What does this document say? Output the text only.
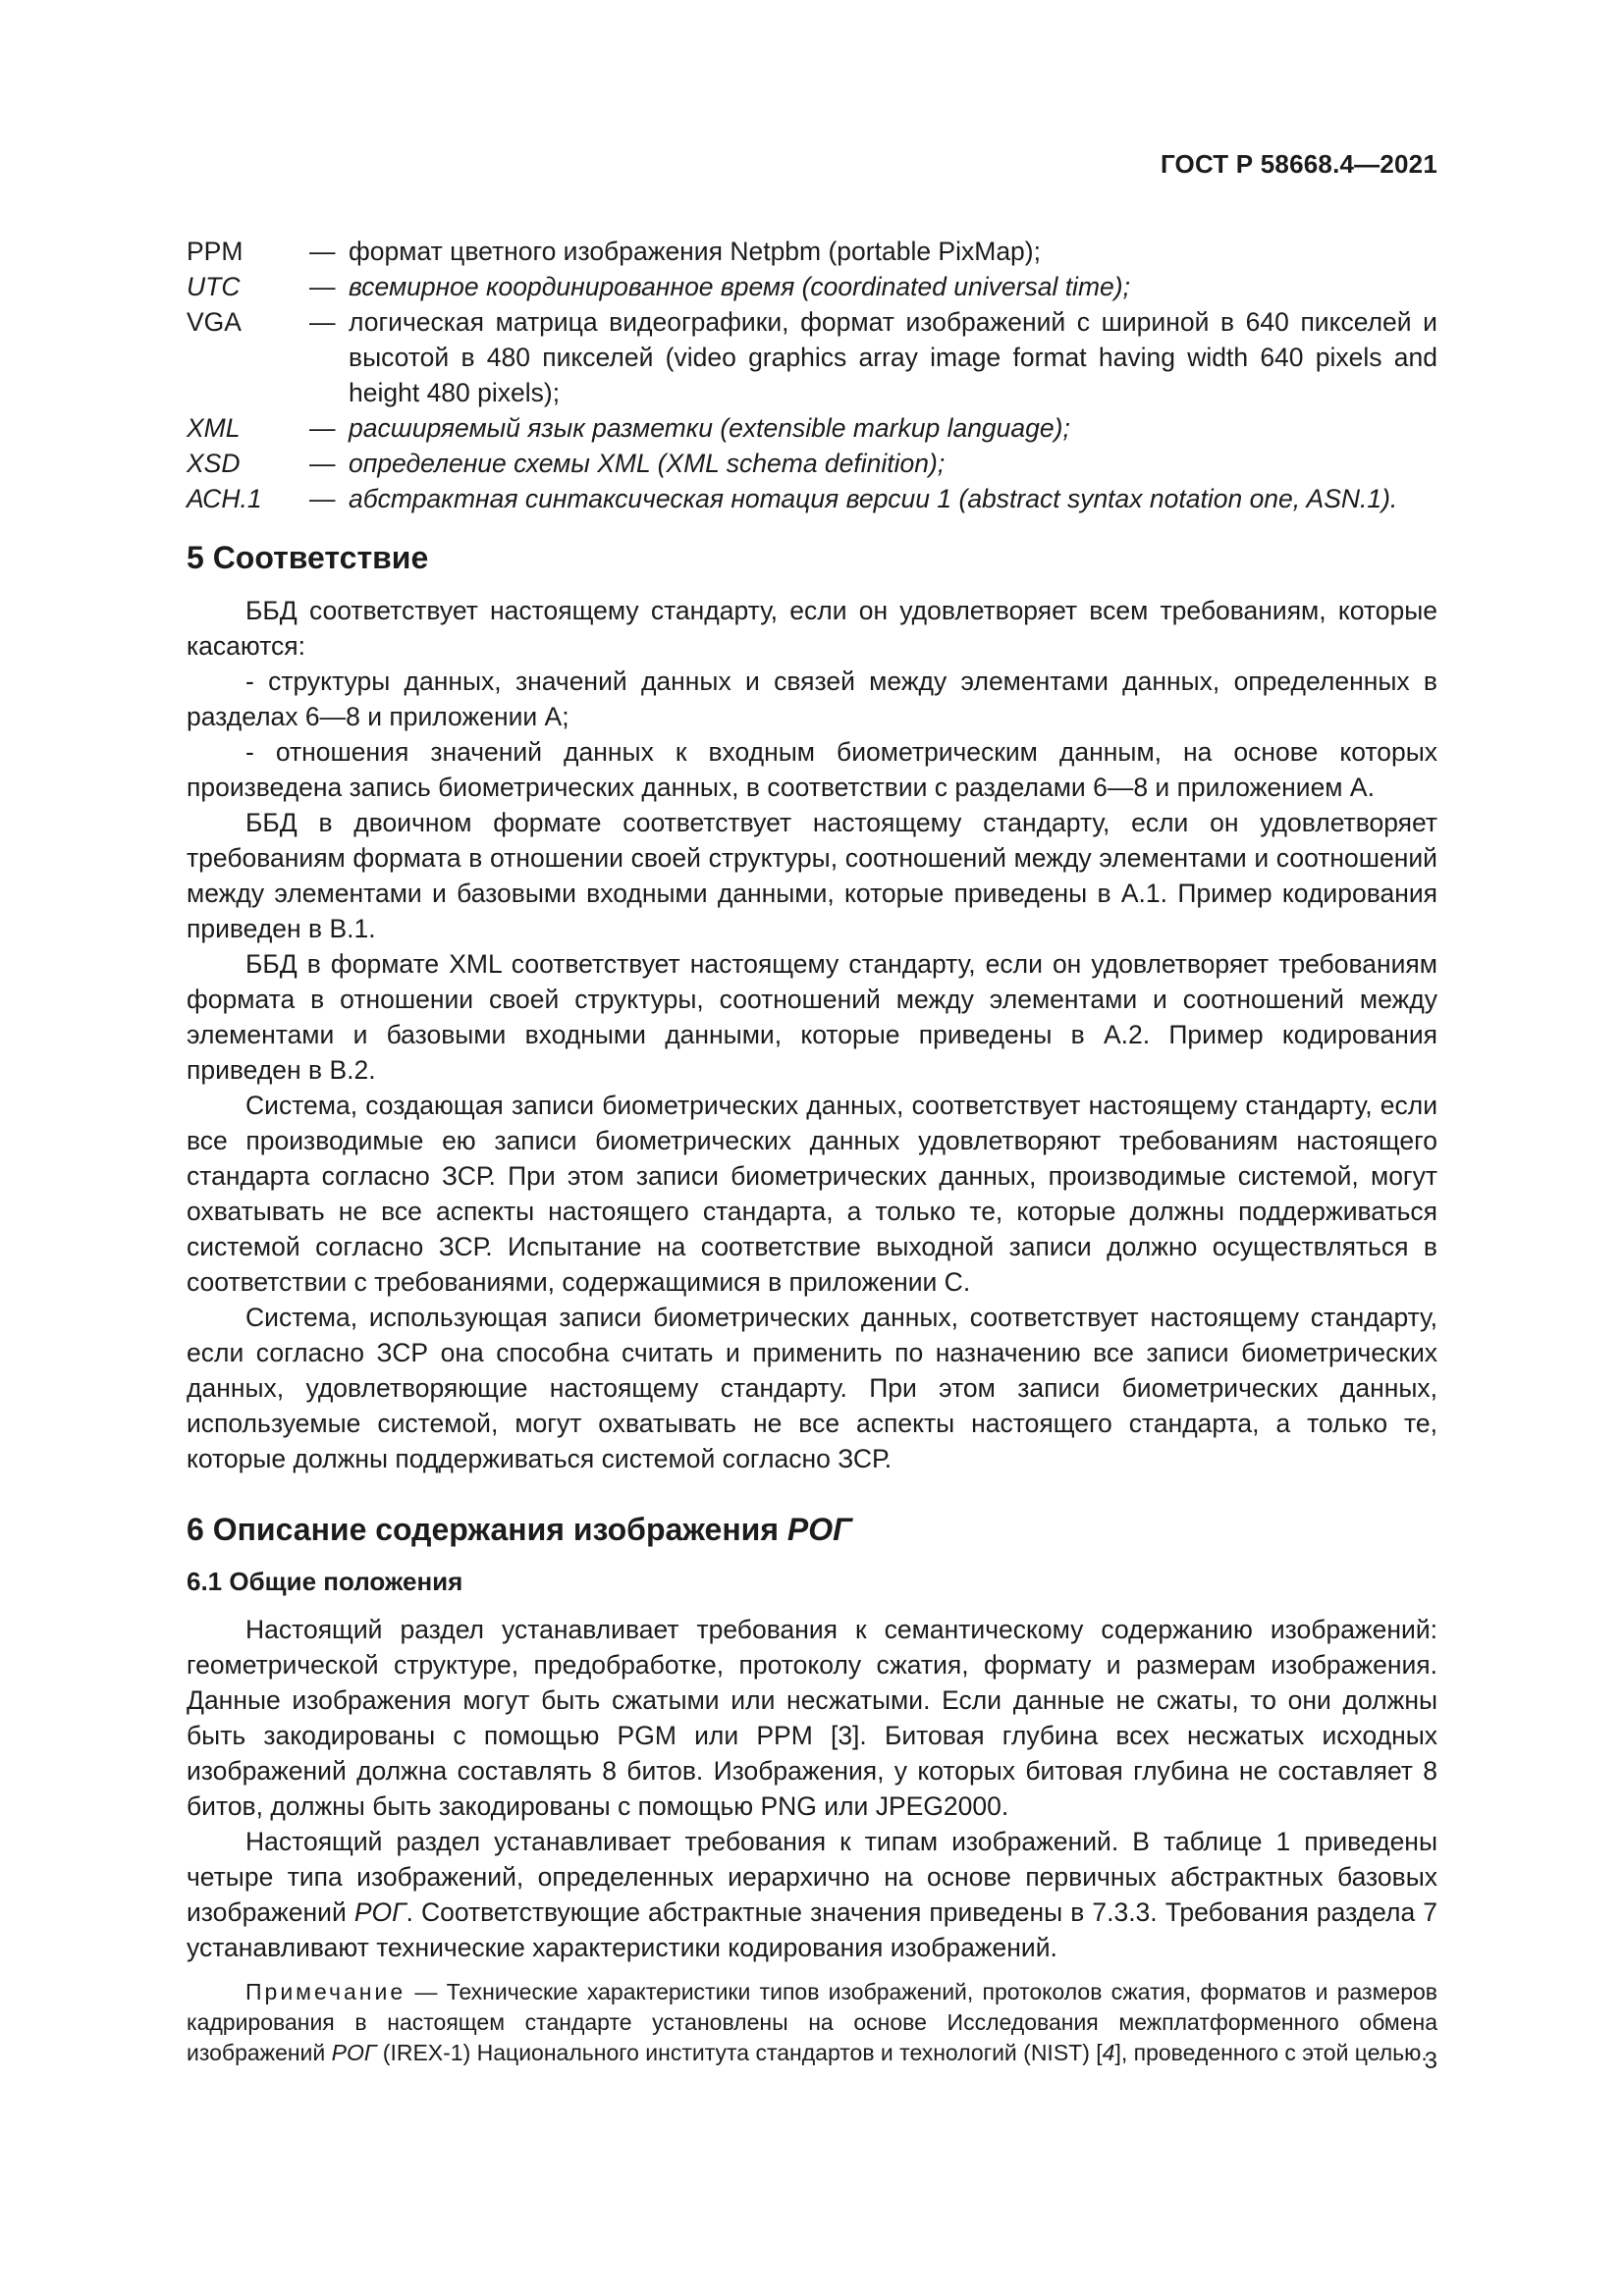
ГОСТ Р 58668.4—2021
PPM	— формат цветного изображения Netpbm (portable PixMap);
UTC	— всемирное координированное время (coordinated universal time);
VGA	— логическая матрица видеографики, формат изображений с шириной в 640 пикселей и высотой в 480 пикселей (video graphics array image format having width 640 pixels and height 480 pixels);
XML	— расширяемый язык разметки (extensible markup language);
XSD	— определение схемы XML (XML schema definition);
АСН.1	— абстрактная синтаксическая нотация версии 1 (abstract syntax notation one, ASN.1).
5 Соответствие

ББД соответствует настоящему стандарту, если он удовлетворяет всем требованиям, которые касаются:

- структуры данных, значений данных и связей между элементами данных, определенных в разделах 6—8 и приложении А;

- отношения значений данных к входным биометрическим данным, на основе которых произведена запись биометрических данных, в соответствии с разделами 6—8 и приложением А.

ББД в двоичном формате соответствует настоящему стандарту, если он удовлетворяет требованиям формата в отношении своей структуры, соотношений между элементами и соотношений между элементами и базовыми входными данными, которые приведены в А.1. Пример кодирования приведен в В.1.

ББД в формате XML соответствует настоящему стандарту, если он удовлетворяет требованиям формата в отношении своей структуры, соотношений между элементами и соотношений между элементами и базовыми входными данными, которые приведены в А.2. Пример кодирования приведен в В.2.

Система, создающая записи биометрических данных, соответствует настоящему стандарту, если все производимые ею записи биометрических данных удовлетворяют требованиям настоящего стандарта согласно ЗСР. При этом записи биометрических данных, производимые системой, могут охватывать не все аспекты настоящего стандарта, а только те, которые должны поддерживаться системой согласно ЗСР. Испытание на соответствие выходной записи должно осуществляться в соответствии с требованиями, содержащимися в приложении С.

Система, использующая записи биометрических данных, соответствует настоящему стандарту, если согласно ЗСР она способна считать и применить по назначению все записи биометрических данных, удовлетворяющие настоящему стандарту. При этом записи биометрических данных, используемые системой, могут охватывать не все аспекты настоящего стандарта, а только те, которые должны поддерживаться системой согласно ЗСР.

6 Описание содержания изображения РОГ
6.1 Общие положения

Настоящий раздел устанавливает требования к семантическому содержанию изображений: геометрической структуре, предобработке, протоколу сжатия, формату и размерам изображения. Данные изображения могут быть сжатыми или несжатыми. Если данные не сжаты, то они должны быть закодированы с помощью PGM или PPM [3]. Битовая глубина всех несжатых исходных изображений должна составлять 8 битов. Изображения, у которых битовая глубина не составляет 8 битов, должны быть закодированы с помощью PNG или JPEG2000.

Настоящий раздел устанавливает требования к типам изображений. В таблице 1 приведены четыре типа изображений, определенных иерархично на основе первичных абстрактных базовых изображений РОГ. Соответствующие абстрактные значения приведены в 7.3.3. Требования раздела 7 устанавливают технические характеристики кодирования изображений.

Примечание — Технические характеристики типов изображений, протоколов сжатия, форматов и размеров кадрирования в настоящем стандарте установлены на основе Исследования межплатформенного обмена изображений РОГ (IREX-1) Национального института стандартов и технологий (NIST) [4], проведенного с этой целью.

3
